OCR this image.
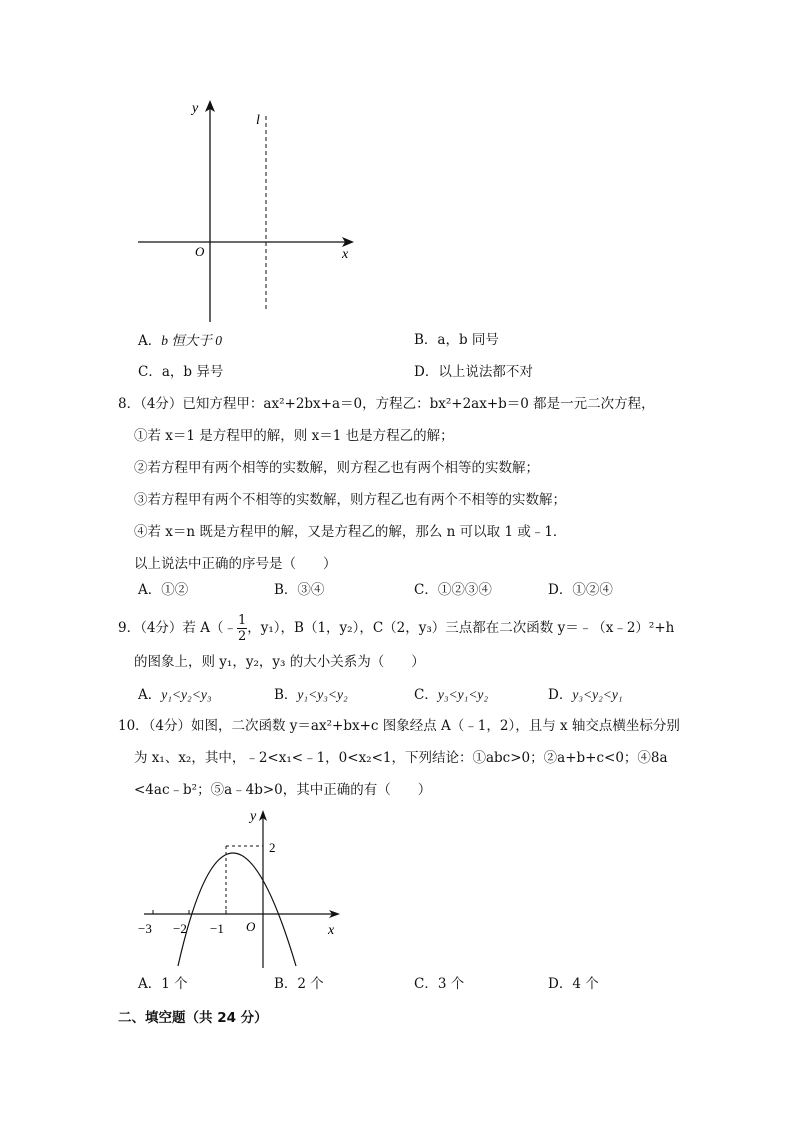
y
x
O
l
A．b 恒大于 0	B．a，b 同号
C．a，b 异号	D．以上说法都不对
8．（4分）已知方程甲：ax²+2bx+a＝0，方程乙：bx²+2ax+b＝0 都是一元二次方程，
①若 x＝1 是方程甲的解，则 x＝1 也是方程乙的解；
②若方程甲有两个相等的实数解，则方程乙也有两个相等的实数解；
③若方程甲有两个不相等的实数解，则方程乙也有两个不相等的实数解；
④若 x＝n 既是方程甲的解，又是方程乙的解，那么 n 可以取 1 或﹣1．
以上说法中正确的序号是（　　）
A．①②	B．③④	C．①②③④	D．①②④
9．（4分）若 A（﹣ $\frac{1}{2}$ ，y₁），B（1，y₂），C（2，y₃）三点都在二次函数 y＝﹣（x﹣2）²+h
的图象上，则 y₁，y₂，y₃ 的大小关系为（　　）
A．y₁<y₂<y₃	B．y₁<y₃<y₂	C．y₃<y₁<y₂	D．y₃<y₂<y₁
10．（4分）如图，二次函数 y＝ax²+bx+c 图象经点 A（﹣1，2），且与 x 轴交点横坐标分别
为 x₁、x₂，其中，﹣2<x₁<﹣1，0<x₂<1，下列结论：①abc>0；②a+b+c<0；④8a
<4ac﹣b²；⑤a﹣4b>0，其中正确的有（　　）
y
x
O
−3 −2 −1
2
A．1 个	B．2 个	C．3 个	D．4 个
二、填空题（共 24 分）
